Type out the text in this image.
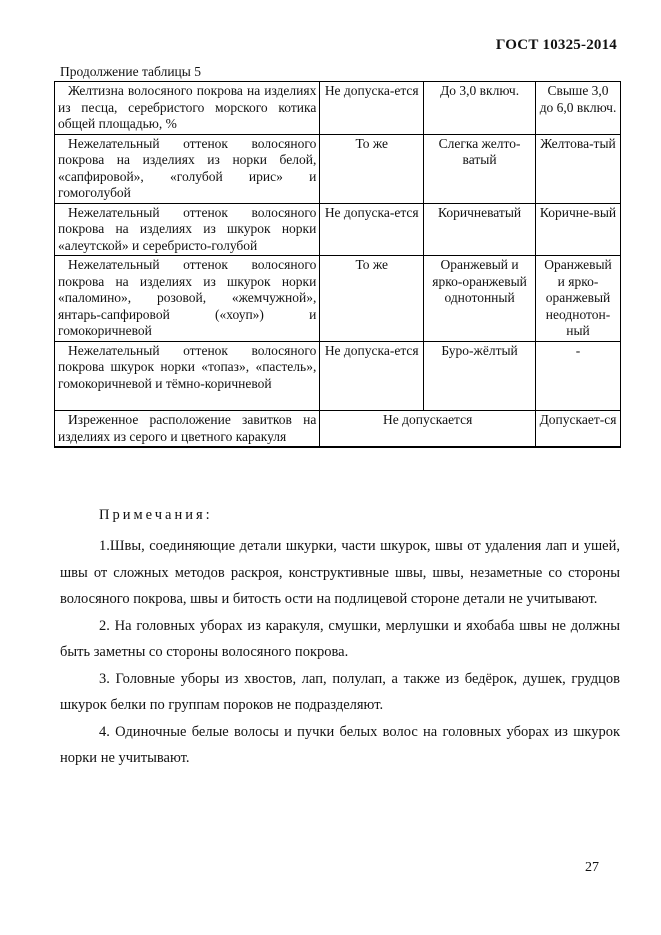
ГОСТ 10325-2014
Продолжение таблицы 5
Желтизна волосяного покрова на изделиях из песца, серебристого морского котика общей площадью, %	Не допуска-ется	До 3,0 включ.	Свыше 3,0 до 6,0 включ.
Нежелательный оттенок волосяного покрова на изделиях из норки белой, «сапфировой», «голубой ирис» и гомоголубой	То же	Слегка желто-ватый	Желтова-тый
Нежелательный оттенок волосяного покрова на изделиях из шкурок норки «алеутской» и серебристо-голубой	Не допуска-ется	Коричневатый	Коричне-вый
Нежелательный оттенок волосяного покрова на изделиях из шкурок норки «паломино», розовой, «жемчужной», янтарь-сапфировой («хоуп») и гомокоричневой	То же	Оранжевый и ярко-оранжевый однотонный	Оранжевый и ярко-оранжевый неоднотон-ный
Нежелательный оттенок волосяного покрова шкурок норки «топаз», «пастель», гомокоричневой и тёмно-коричневой	Не допуска-ется	Буро-жёлтый	-
Изреженное расположение завитков на изделиях из серого и цветного каракуля	Не допускается		Допускает-ся
Примечания:

1.Швы, соединяющие детали шкурки, части шкурок, швы от удаления лап и ушей, швы от сложных методов раскроя, конструктивные швы, швы, незаметные со стороны волосяного покрова, швы и битость ости на подлицевой стороне детали не учитывают.

2. На головных уборах из каракуля, смушки, мерлушки и яхобаба швы не должны быть заметны со стороны волосяного покрова.

3. Головные уборы из хвостов, лап, полулап, а также из бедёрок, душек, грудцов шкурок белки по группам пороков не подразделяют.

4. Одиночные белые волосы и пучки белых волос на головных уборах из шкурок норки не учитывают.

27
